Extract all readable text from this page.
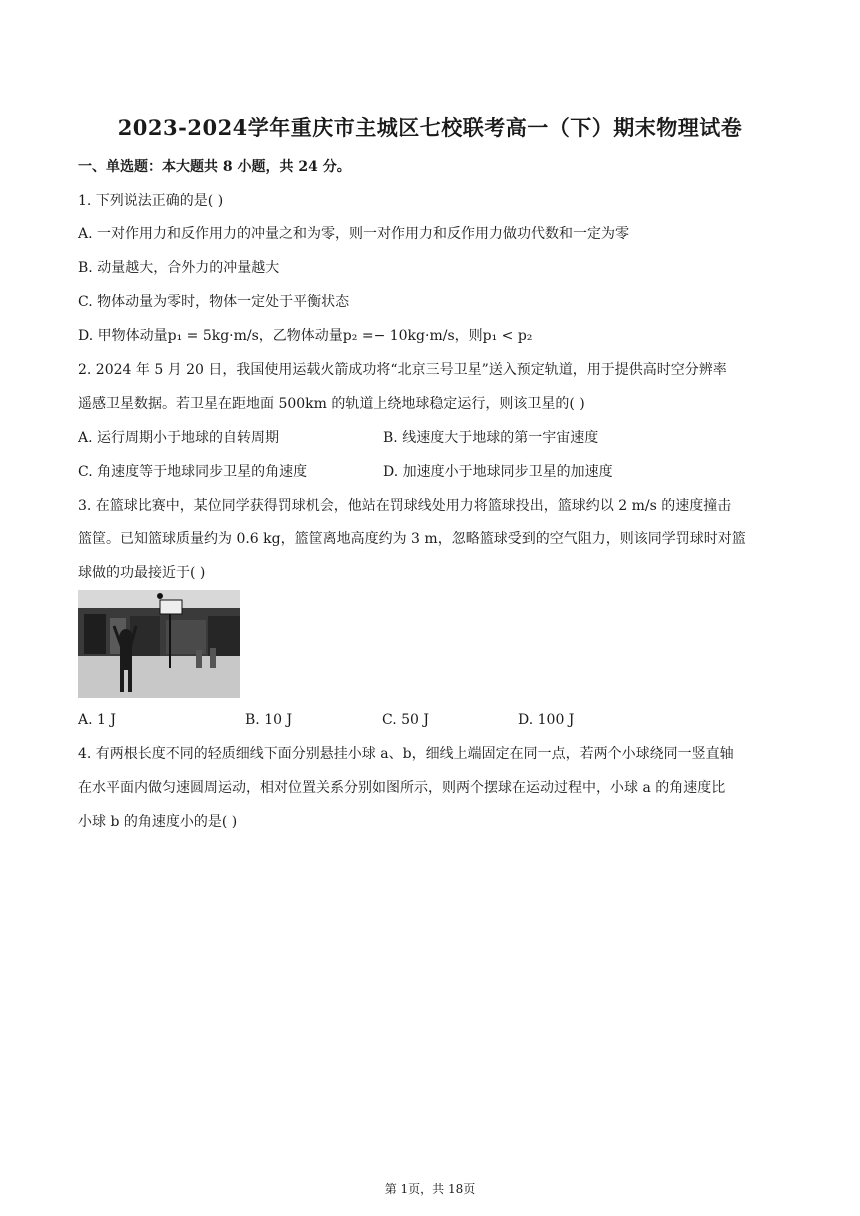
2023-2024学年重庆市主城区七校联考高一（下）期末物理试卷
一、单选题：本大题共 8 小题，共 24 分。
1. 下列说法正确的是( )
A. 一对作用力和反作用力的冲量之和为零，则一对作用力和反作用力做功代数和一定为零
B. 动量越大，合外力的冲量越大
C. 物体动量为零时，物体一定处于平衡状态
D. 甲物体动量p₁ = 5kg·m/s，乙物体动量p₂ =− 10kg·m/s，则p₁ < p₂
2. 2024 年 5 月 20 日，我国使用运载火箭成功将“北京三号卫星”送入预定轨道，用于提供高时空分辨率
遥感卫星数据。若卫星在距地面 500km 的轨道上绕地球稳定运行，则该卫星的( )
A. 运行周期小于地球的自转周期	B. 线速度大于地球的第一宇宙速度
C. 角速度等于地球同步卫星的角速度	D. 加速度小于地球同步卫星的加速度
3. 在篮球比赛中，某位同学获得罚球机会，他站在罚球线处用力将篮球投出，篮球约以 2 m/s 的速度撞击
篮筐。已知篮球质量约为 0.6 kg，篮筐离地高度约为 3 m，忽略篮球受到的空气阻力，则该同学罚球时对篮
球做的功最接近于( )
A. 1 J	B. 10 J	C. 50 J	D. 100 J
4. 有两根长度不同的轻质细线下面分别悬挂小球 a、b，细线上端固定在同一点，若两个小球绕同一竖直轴
在水平面内做匀速圆周运动，相对位置关系分别如图所示，则两个摆球在运动过程中，小球 a 的角速度比
小球 b 的角速度小的是( )
第 1页，共 18页
